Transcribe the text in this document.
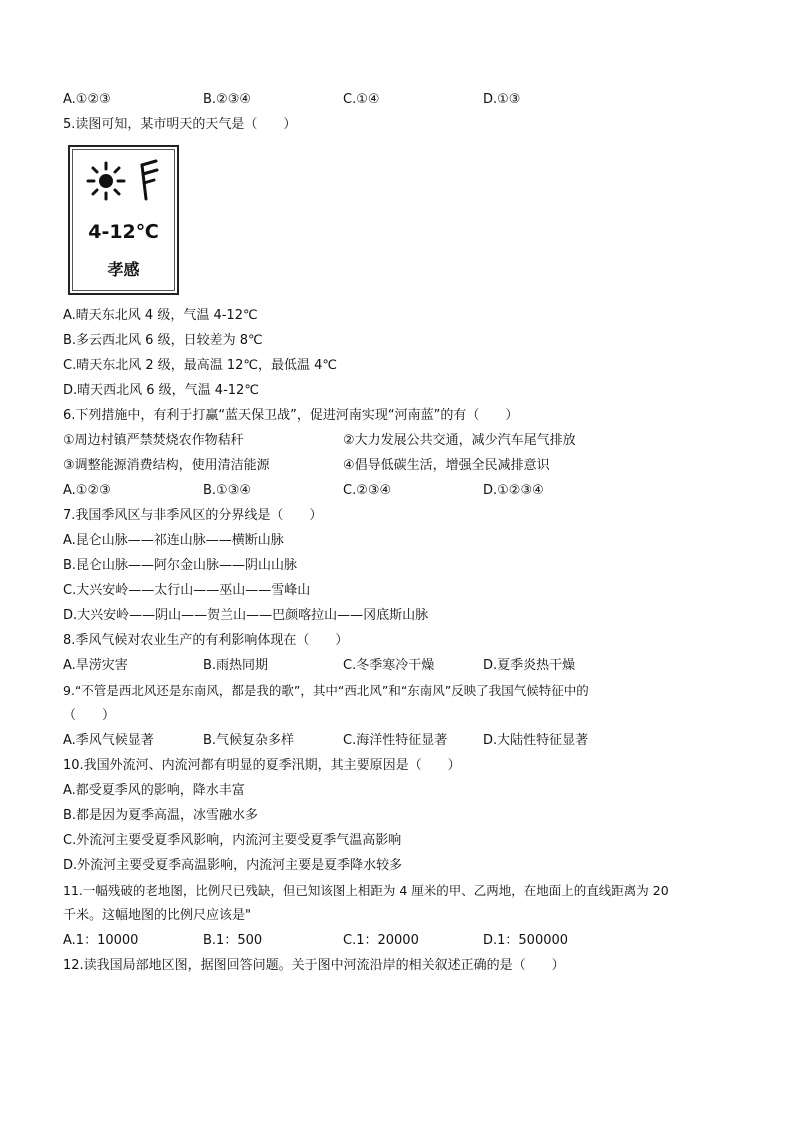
A.①②③	B.②③④	C.①④	D.①③
5.读图可知，某市明天的天气是（　　）
4-12℃
孝感
A.晴天东北风 4 级，气温 4-12℃
B.多云西北风 6 级，日较差为 8℃
C.晴天东北风 2 级，最高温 12℃，最低温 4℃
D.晴天西北风 6 级，气温 4-12℃
6.下列措施中，有利于打赢“蓝天保卫战”，促进河南实现“河南蓝”的有（　　）
①周边村镇严禁焚烧农作物秸秆	②大力发展公共交通，减少汽车尾气排放
③调整能源消费结构，使用清洁能源	④倡导低碳生活，增强全民减排意识
A.①②③	B.①③④	C.②③④	D.①②③④
7.我国季风区与非季风区的分界线是（　　）
A.昆仑山脉——祁连山脉——横断山脉
B.昆仑山脉——阿尔金山脉——阴山山脉
C.大兴安岭——太行山——巫山——雪峰山
D.大兴安岭——阴山——贺兰山——巴颜喀拉山——冈底斯山脉
8.季风气候对农业生产的有利影响体现在（　　）
A.旱涝灾害	B.雨热同期	C.冬季寒冷干燥	D.夏季炎热干燥
9.“不管是西北风还是东南风，都是我的歌”，其中“西北风”和“东南风”反映了我国气候特征中的
（　　）
A.季风气候显著	B.气候复杂多样	C.海洋性特征显著	D.大陆性特征显著
10.我国外流河、内流河都有明显的夏季汛期，其主要原因是（　　）
A.都受夏季风的影响，降水丰富
B.都是因为夏季高温，冰雪融水多
C.外流河主要受夏季风影响，内流河主要受夏季气温高影响
D.外流河主要受夏季高温影响，内流河主要是夏季降水较多
11.一幅残破的老地图，比例尺已残缺，但已知该图上相距为 4 厘米的甲、乙两地，在地面上的直线距离为 20
千米。这幅地图的比例尺应该是"
A.1：10000	B.1：500	C.1：20000	D.1：500000
12.读我国局部地区图，据图回答问题。关于图中河流沿岸的相关叙述正确的是（　　）
